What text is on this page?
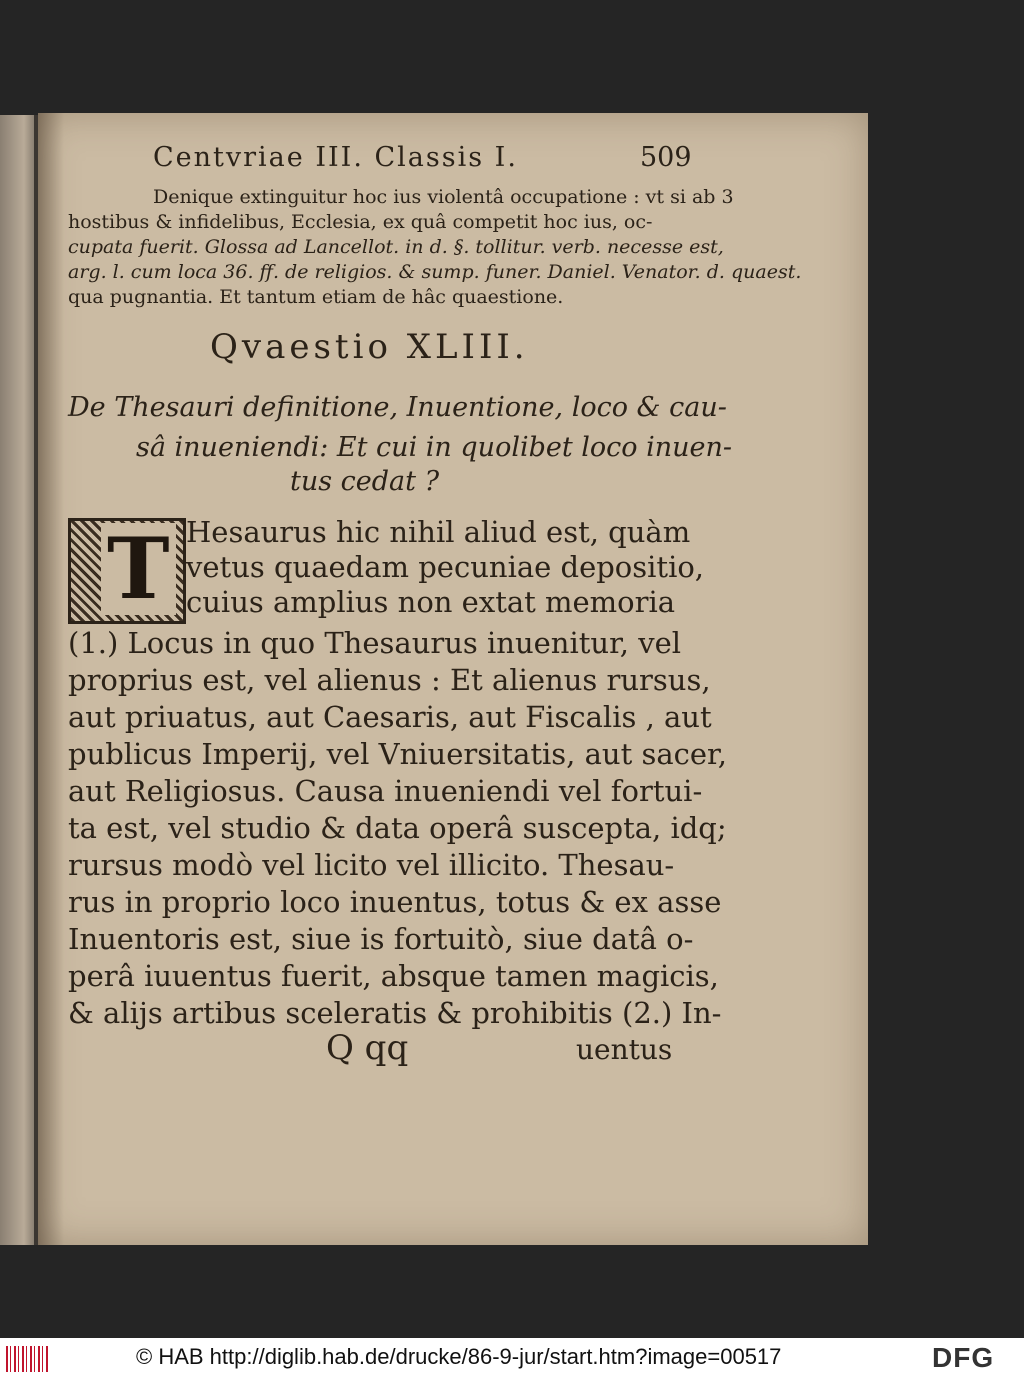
Centvriae III. Classis I.	509
Denique extinguitur hoc ius violentâ occupatione : vt si ab 3
hostibus & infidelibus, Ecclesia, ex quâ competit hoc ius, oc-
cupata fuerit. Glossa ad Lancellot. in d. §. tollitur. verb. necesse est,
arg. l. cum loca 36. ff. de religios. & sump. funer. Daniel. Venator. d. quaest.
qua pugnantia. Et tantum etiam de hâc quaestione.
Qvaestio XLIII.
De Thesauri definitione, Inuentione, loco & cau-
sâ inueniendi: Et cui in quolibet loco inuen-
tus cedat ?
T Hesaurus hic nihil aliud est, quàm
vetus quaedam pecuniae depositio,
cuius amplius non extat memoria
(1.) Locus in quo Thesaurus inuenitur, vel
proprius est, vel alienus : Et alienus rursus,
aut priuatus, aut Caesaris, aut Fiscalis , aut
publicus Imperij, vel Vniuersitatis, aut sacer,
aut Religiosus. Causa inueniendi vel fortui-
ta est, vel studio & data operâ suscepta, idq;
rursus modò vel licito vel illicito. Thesau-
rus in proprio loco inuentus, totus & ex asse
Inuentoris est, siue is fortuitò, siue datâ o-
perâ iuuentus fuerit, absque tamen magicis,
& alijs artibus sceleratis & prohibitis (2.) In-
Q qq	uentus
© HAB http://diglib.hab.de/drucke/86-9-jur/start.htm?image=00517	DFG
